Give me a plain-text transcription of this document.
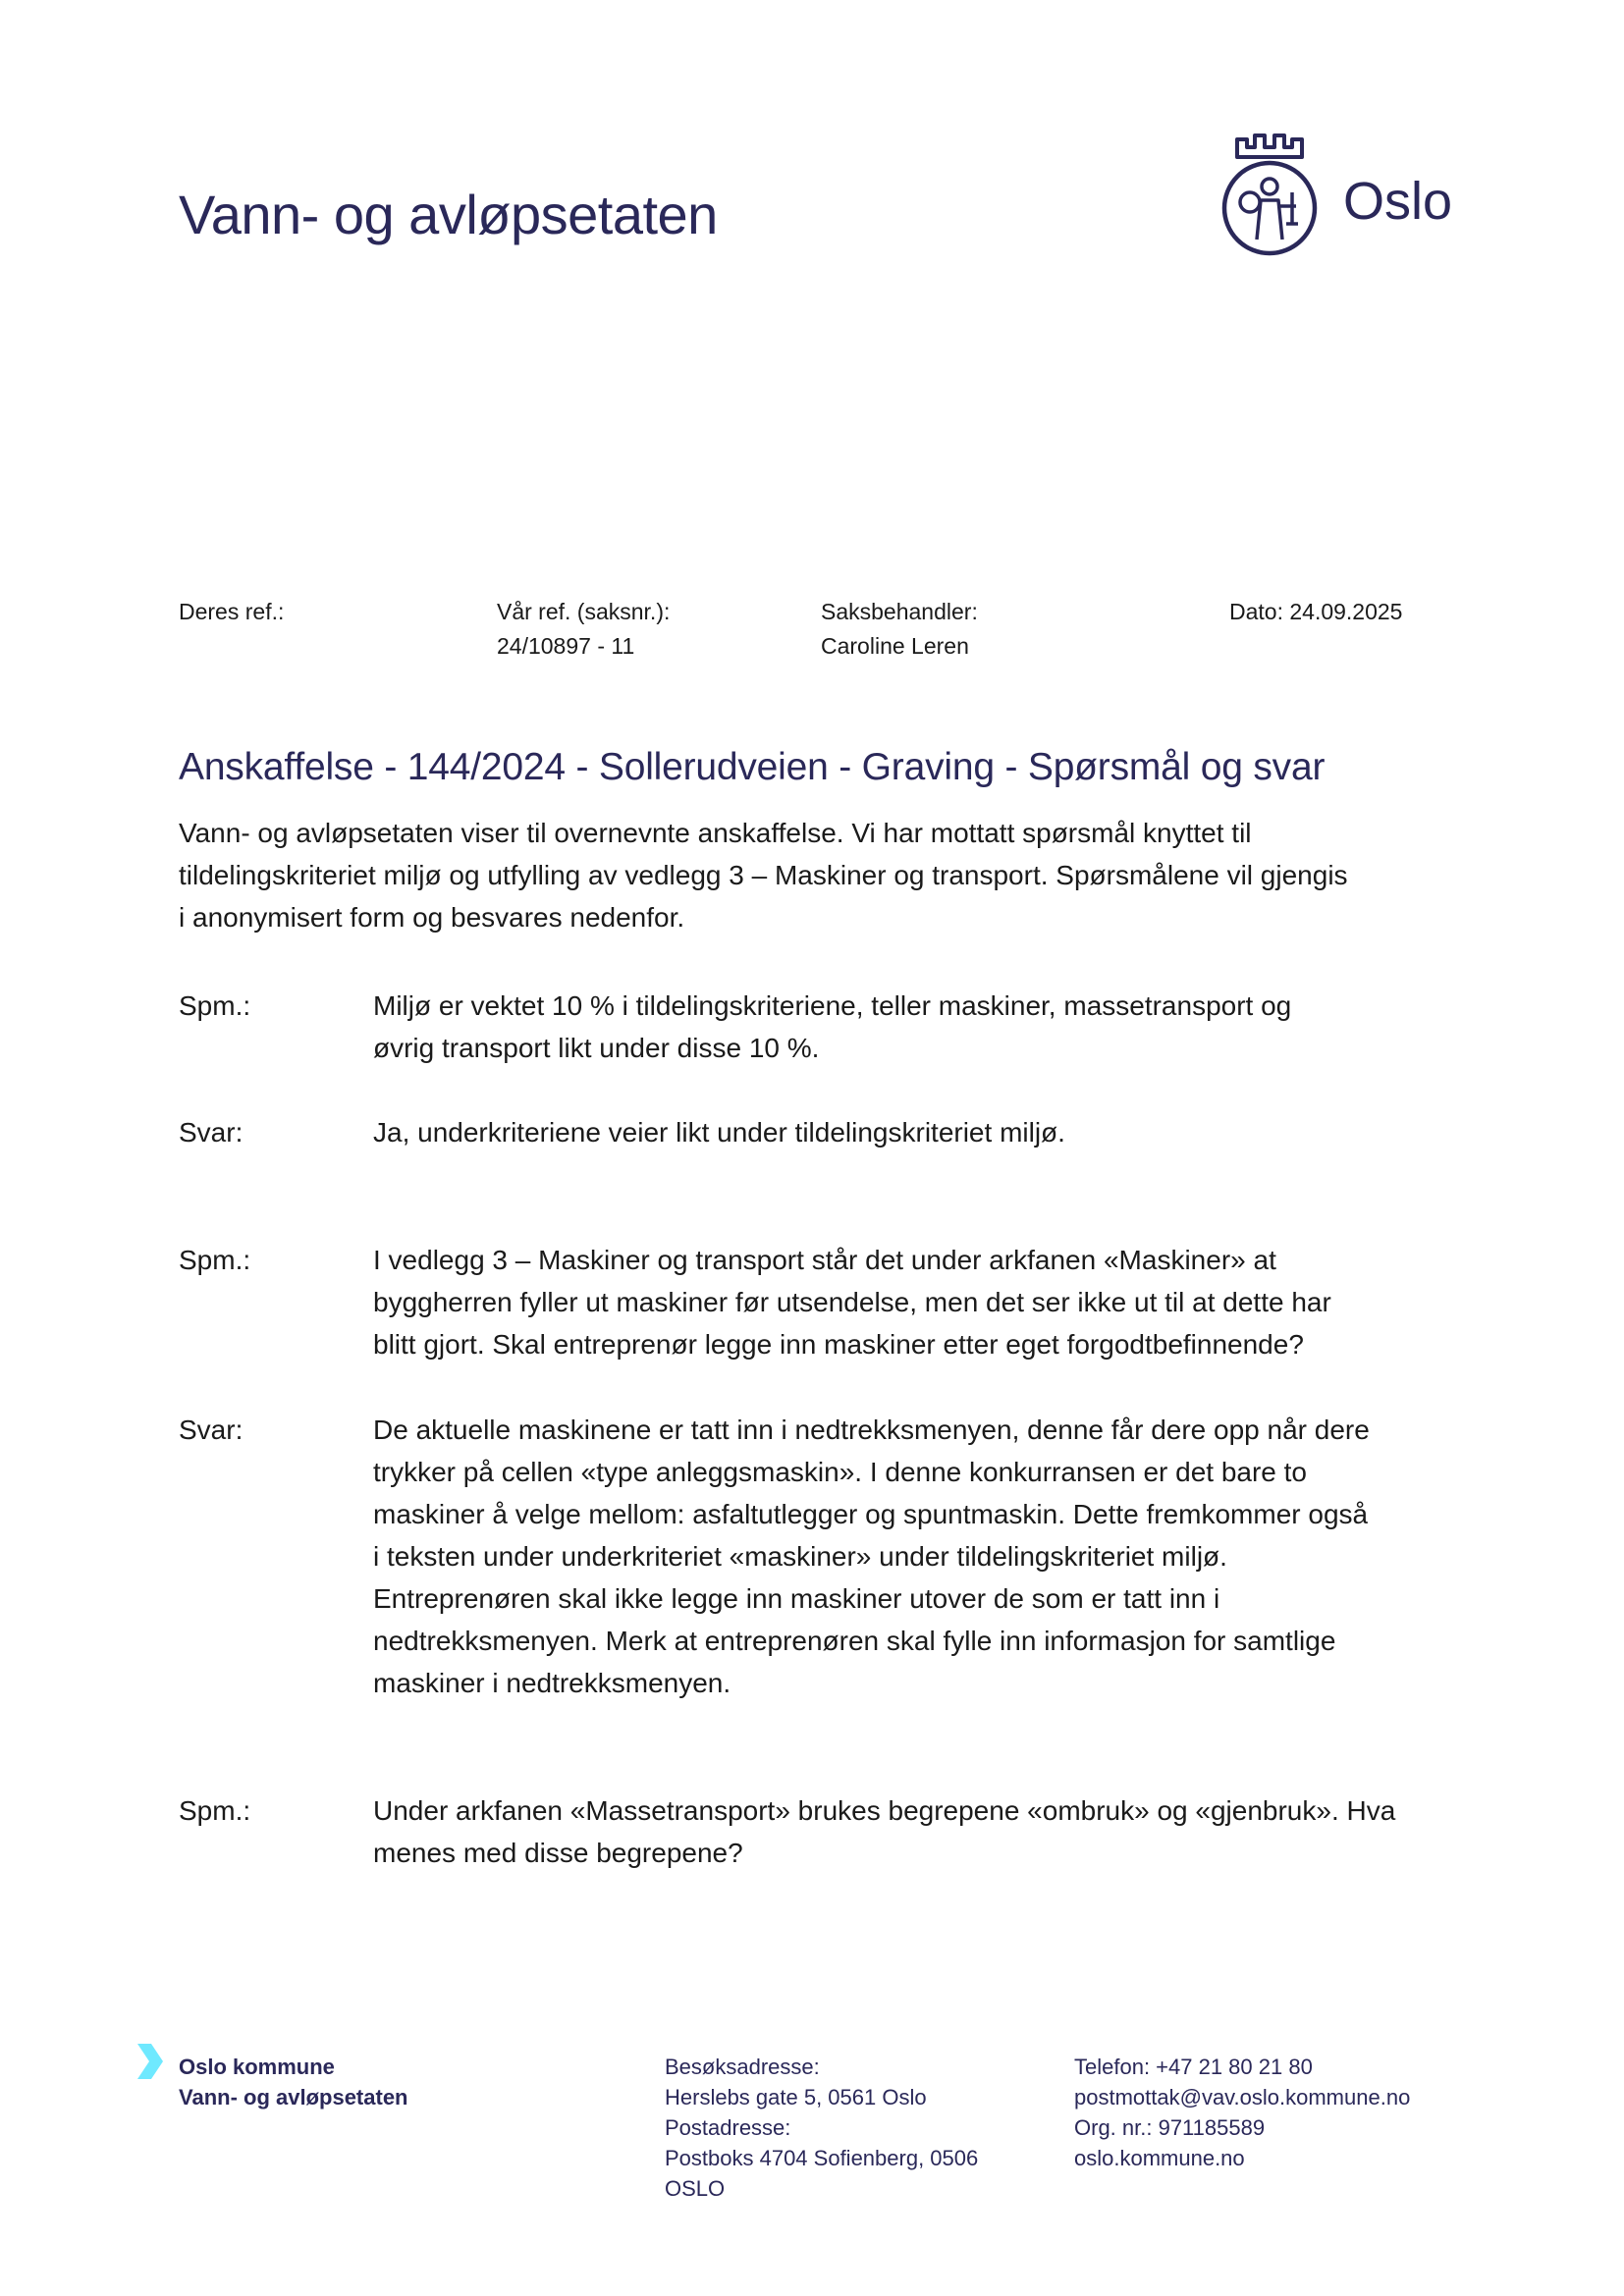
Vann- og avløpsetaten	Oslo
Deres ref.:	Vår ref. (saksnr.):
24/10897 - 11
Saksbehandler:
Caroline Leren
Dato: 24.09.2025
Anskaffelse - 144/2024 - Sollerudveien - Graving - Spørsmål og svar
Vann- og avløpsetaten viser til overnevnte anskaffelse. Vi har mottatt spørsmål knyttet til
tildelingskriteriet miljø og utfylling av vedlegg 3 – Maskiner og transport. Spørsmålene vil gjengis
i anonymisert form og besvares nedenfor.
Spm.:	Miljø er vektet 10 % i tildelingskriteriene, teller maskiner, massetransport og
øvrig transport likt under disse 10 %.
Svar:	Ja, underkriteriene veier likt under tildelingskriteriet miljø.
Spm.:	I vedlegg 3 – Maskiner og transport står det under arkfanen «Maskiner» at
byggherren fyller ut maskiner før utsendelse, men det ser ikke ut til at dette har
blitt gjort. Skal entreprenør legge inn maskiner etter eget forgodtbefinnende?
Svar:	De aktuelle maskinene er tatt inn i nedtrekksmenyen, denne får dere opp når dere
trykker på cellen «type anleggsmaskin». I denne konkurransen er det bare to
maskiner å velge mellom: asfaltutlegger og spuntmaskin. Dette fremkommer også
i teksten under underkriteriet «maskiner» under tildelingskriteriet miljø.
Entreprenøren skal ikke legge inn maskiner utover de som er tatt inn i
nedtrekksmenyen. Merk at entreprenøren skal fylle inn informasjon for samtlige
maskiner i nedtrekksmenyen.
Spm.:	Under arkfanen «Massetransport» brukes begrepene «ombruk» og «gjenbruk». Hva
menes med disse begrepene?
Oslo kommune
Vann- og avløpsetaten
Besøksadresse:
Herslebs gate 5, 0561 Oslo
Postadresse:
Postboks 4704 Sofienberg, 0506
OSLO
Telefon: +47 21 80 21 80
postmottak@vav.oslo.kommune.no
Org. nr.: 971185589
oslo.kommune.no
